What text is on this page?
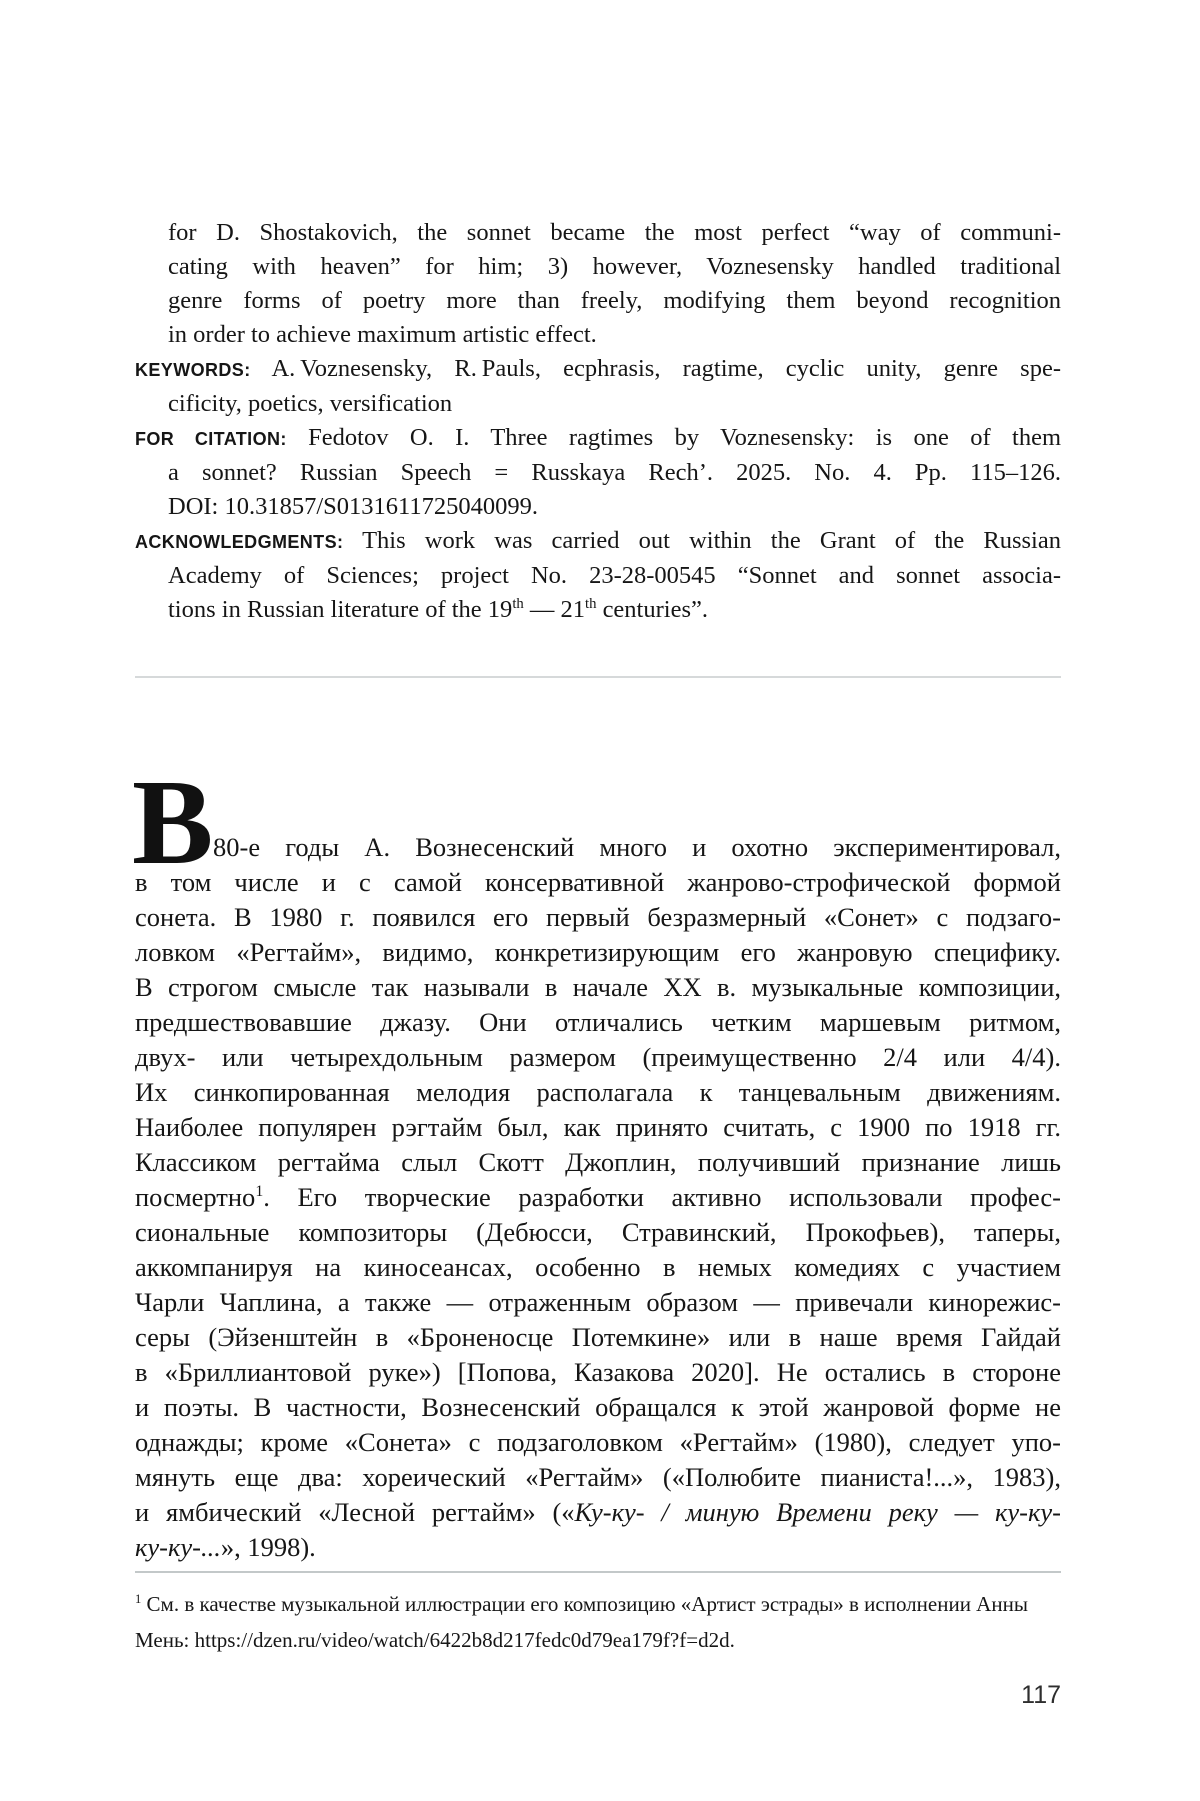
for D. Shostakovich, the sonnet became the most perfect “way of communi-
cating with heaven” for him; 3) however, Voznesensky handled traditional
genre forms of poetry more than freely, modifying them beyond recognition
in order to achieve maximum artistic effect.
KEYWORDS: A. Voznesensky, R. Pauls, ecphrasis, ragtime, cyclic unity, genre spe-
cificity, poetics, versification
FOR CITATION: Fedotov O. I. Three ragtimes by Voznesensky: is one of them
a sonnet? Russian Speech = Russkaya Rech’. 2025. No. 4. Pp. 115–126.
DOI: 10.31857/S0131611725040099.
ACKNOWLEDGMENTS: This work was carried out within the Grant of the Russian
Academy of Sciences; project No. 23-28-00545 “Sonnet and sonnet associa-
tions in Russian literature of the 19th — 21th centuries”.
В 80-е годы А. Вознесенский много и охотно экспериментировал,
в том числе и с самой консервативной жанрово-строфической формой
сонета. В 1980 г. появился его первый безразмерный «Сонет» с подзаго-
ловком «Регтайм», видимо, конкретизирующим его жанровую специфику.
В строгом смысле так называли в начале XX в. музыкальные композиции,
предшествовавшие джазу. Они отличались четким маршевым ритмом,
двух- или четырехдольным размером (преимущественно 2/4 или 4/4).
Их синкопированная мелодия располагала к танцевальным движениям.
Наиболее популярен рэгтайм был, как принято считать, с 1900 по 1918 гг.
Классиком регтайма слыл Скотт Джоплин, получивший признание лишь
посмертно$^1$. Его творческие разработки активно использовали профес-
сиональные композиторы (Дебюсси, Стравинский, Прокофьев), таперы,
аккомпанируя на киносеансах, особенно в немых комедиях с участием
Чарли Чаплина, а также — отраженным образом — привечали кинорежис-
серы (Эйзенштейн в «Броненосце Потемкине» или в наше время Гайдай
в «Бриллиантовой руке») [Попова, Казакова 2020]. Не остались в стороне
и поэты. В частности, Вознесенский обращался к этой жанровой форме не
однажды; кроме «Сонета» с подзаголовком «Регтайм» (1980), следует упо-
мянуть еще два: хореический «Регтайм» («Полюбите пианиста!...», 1983),
и ямбический «Лесной регтайм» («Ку-ку- / миную Времени реку — ку-ку-
ку-ку-...», 1998).
$^1$ См. в качестве музыкальной иллюстрации его композицию «Артист эстрады» в исполнении Анны
Мень: https://dzen.ru/video/watch/6422b8d217fedc0d79ea179f?f=d2d.
117
